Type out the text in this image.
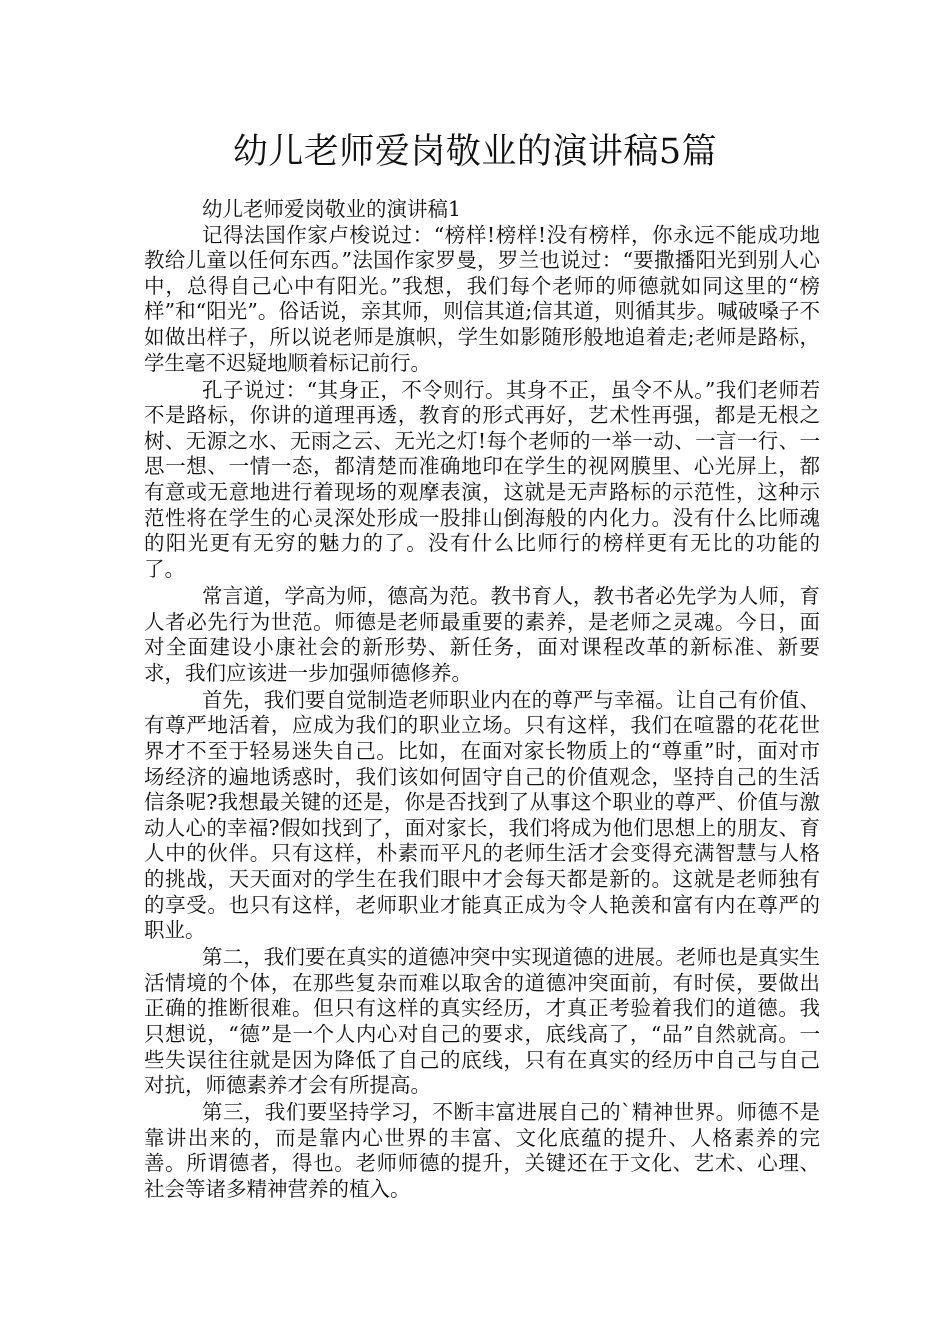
幼儿老师爱岗敬业的演讲稿5篇
幼儿老师爱岗敬业的演讲稿1

记得法国作家卢梭说过：“榜样!榜样!没有榜样，你永远不能成功地教给儿童以任何东西。”法国作家罗曼，罗兰也说过：“要撒播阳光到别人心中，总得自己心中有阳光。”我想，我们每个老师的师德就如同这里的“榜样”和“阳光”。俗话说，亲其师，则信其道;信其道，则循其步。喊破嗓子不如做出样子，所以说老师是旗帜，学生如影随形般地追着走;老师是路标，学生毫不迟疑地顺着标记前行。

孔子说过：“其身正，不令则行。其身不正，虽令不从。”我们老师若不是路标，你讲的道理再透，教育的形式再好，艺术性再强，都是无根之树、无源之水、无雨之云、无光之灯!每个老师的一举一动、一言一行、一思一想、一情一态，都清楚而准确地印在学生的视网膜里、心光屏上，都有意或无意地进行着现场的观摩表演，这就是无声路标的示范性，这种示范性将在学生的心灵深处形成一股排山倒海般的内化力。没有什么比师魂的阳光更有无穷的魅力的了。没有什么比师行的榜样更有无比的功能的了。

常言道，学高为师，德高为范。教书育人，教书者必先学为人师，育人者必先行为世范。师德是老师最重要的素养，是老师之灵魂。今日，面对全面建设小康社会的新形势、新任务，面对课程改革的新标准、新要求，我们应该进一步加强师德修养。

首先，我们要自觉制造老师职业内在的尊严与幸福。让自己有价值、有尊严地活着，应成为我们的职业立场。只有这样，我们在喧嚣的花花世界才不至于轻易迷失自己。比如，在面对家长物质上的“尊重”时，面对市场经济的遍地诱惑时，我们该如何固守自己的价值观念，坚持自己的生活信条呢?我想最关键的还是，你是否找到了从事这个职业的尊严、价值与激动人心的幸福?假如找到了，面对家长，我们将成为他们思想上的朋友、育人中的伙伴。只有这样，朴素而平凡的老师生活才会变得充满智慧与人格的挑战，天天面对的学生在我们眼中才会每天都是新的。这就是老师独有的享受。也只有这样，老师职业才能真正成为令人艳羡和富有内在尊严的职业。

第二，我们要在真实的道德冲突中实现道德的进展。老师也是真实生活情境的个体，在那些复杂而难以取舍的道德冲突面前，有时侯，要做出正确的推断很难。但只有这样的真实经历，才真正考验着我们的道德。我只想说，“德”是一个人内心对自己的要求，底线高了，“品”自然就高。一些失误往往就是因为降低了自己的底线，只有在真实的经历中自己与自己对抗，师德素养才会有所提高。

第三，我们要坚持学习，不断丰富进展自己的`精神世界。师德不是靠讲出来的，而是靠内心世界的丰富、文化底蕴的提升、人格素养的完善。所谓德者，得也。老师师德的提升，关键还在于文化、艺术、心理、社会等诸多精神营养的植入。
